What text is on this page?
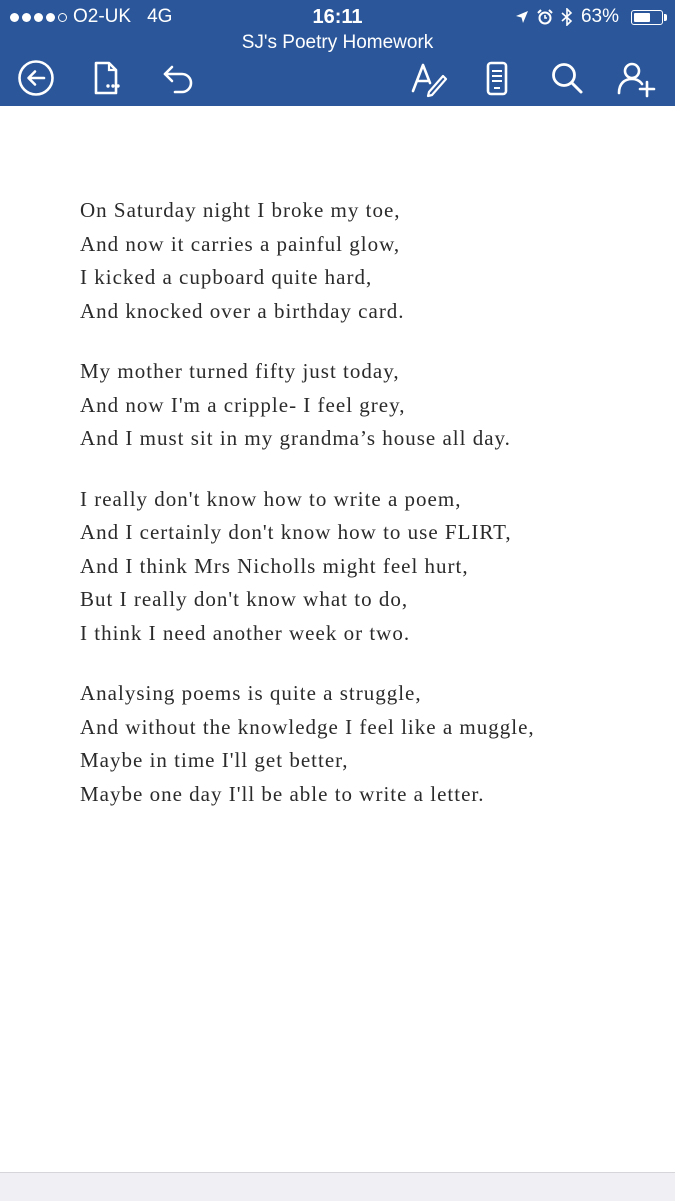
O2-UK 4G	16:11	63%
SJ's Poetry Homework
On Saturday night I broke my toe,
And now it carries a painful glow,
I kicked a cupboard quite hard,
And knocked over a birthday card.
My mother turned fifty just today,
And now I'm a cripple- I feel grey,
And I must sit in my grandma’s house all day.
I really don't know how to write a poem,
And I certainly don't know how to use FLIRT,
And I think Mrs Nicholls might feel hurt,
But I really don't know what to do,
I think I need another week or two.
Analysing poems is quite a struggle,
And without the knowledge I feel like a muggle,
Maybe in time I'll get better,
Maybe one day I'll be able to write a letter.
